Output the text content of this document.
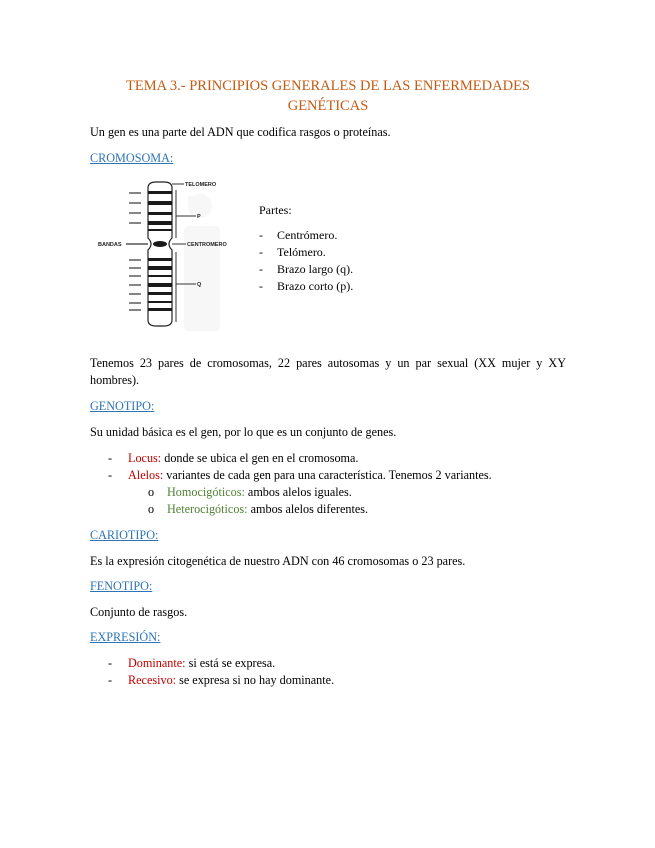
TEMA 3.- PRINCIPIOS GENERALES DE LAS ENFERMEDADES GENÉTICAS
Un gen es una parte del ADN que codifica rasgos o proteínas.
CROMOSOMA:
TELOMERO
P
BANDAS	CENTROMERO
Q
Partes:
- Centrómero.
- Telómero.
- Brazo largo (q).
- Brazo corto (p).
Tenemos 23 pares de cromosomas, 22 pares autosomas y un par sexual (XX mujer y XY hombres).
GENOTIPO:
Su unidad básica es el gen, por lo que es un conjunto de genes.
- Locus: donde se ubica el gen en el cromosoma.
- Alelos: variantes de cada gen para una característica. Tenemos 2 variantes.
o Homocigóticos: ambos alelos iguales.
o Heterocigóticos: ambos alelos diferentes.
CARIOTIPO:
Es la expresión citogenética de nuestro ADN con 46 cromosomas o 23 pares.
FENOTIPO:
Conjunto de rasgos.
EXPRESIÓN:
- Dominante: si está se expresa.
- Recesivo: se expresa si no hay dominante.
